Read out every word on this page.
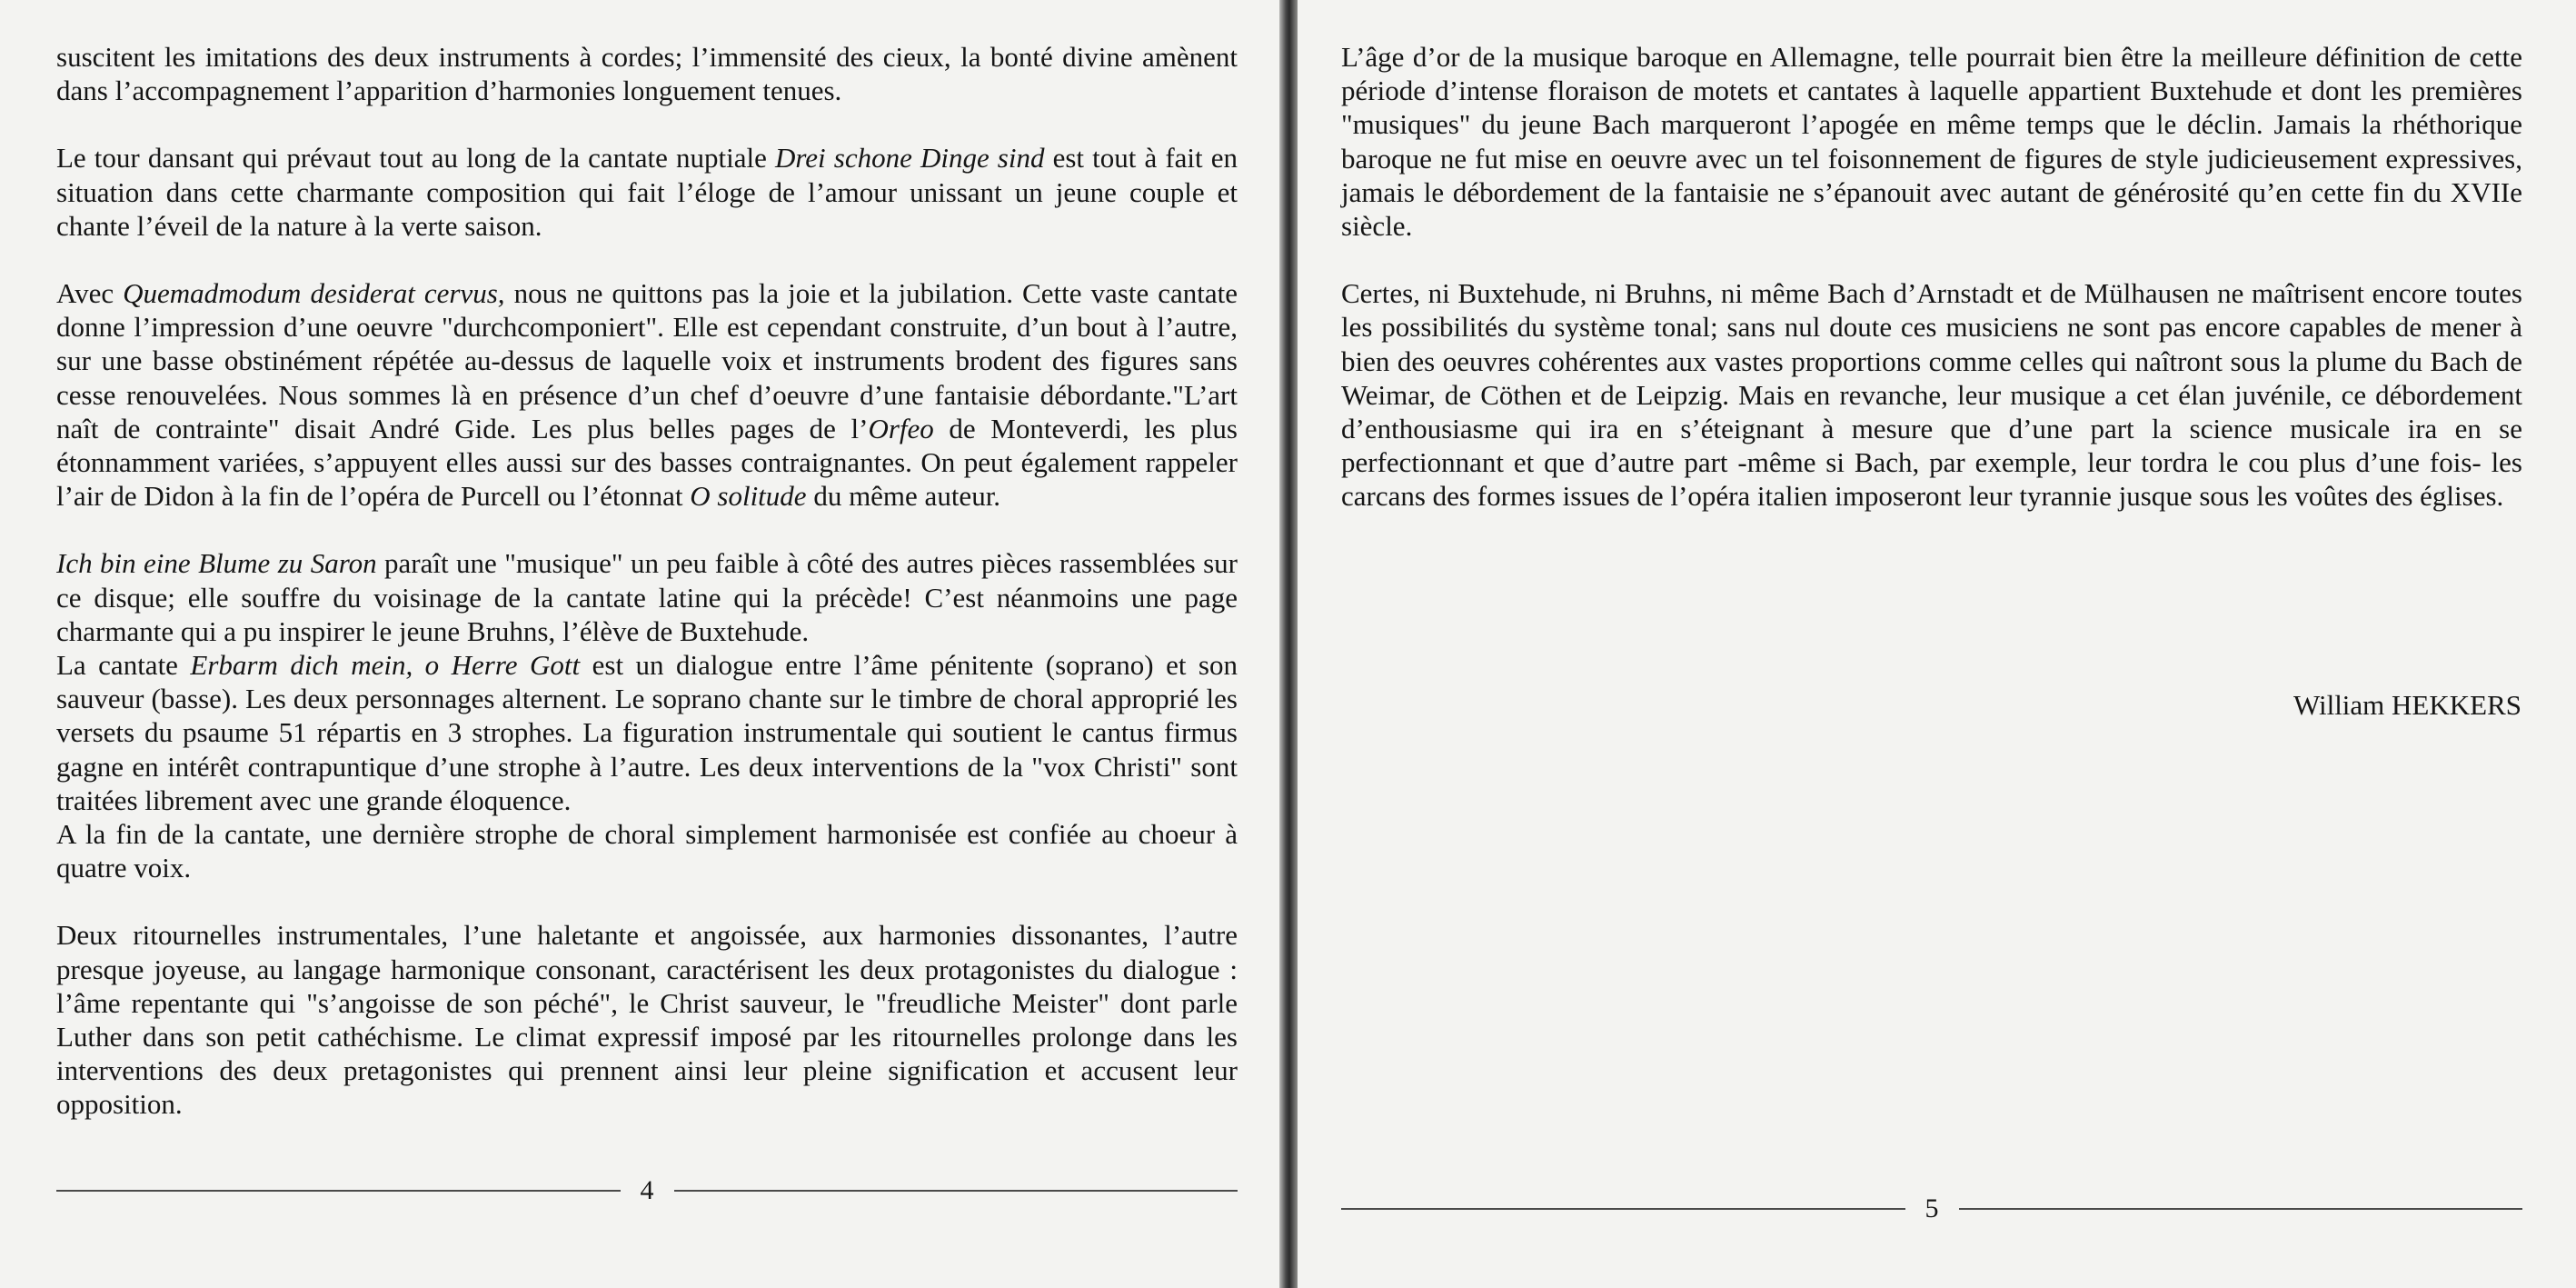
suscitent les imitations des deux instruments à cordes; l’immensité des cieux, la bonté divine amènent dans l’accompagnement l’apparition d’harmonies longuement tenues.

Le tour dansant qui prévaut tout au long de la cantate nuptiale Drei schone Dinge sind est tout à fait en situation dans cette charmante composition qui fait l’éloge de l’amour unissant un jeune couple et chante l’éveil de la nature à la verte saison.

Avec Quemadmodum desiderat cervus, nous ne quittons pas la joie et la jubilation. Cette vaste cantate donne l’impression d’une oeuvre "durchcomponiert". Elle est cependant construite, d’un bout à l’autre, sur une basse obstinément répétée au-dessus de laquelle voix et instruments brodent des figures sans cesse renouvelées. Nous sommes là en présence d’un chef d’oeuvre d’une fantaisie débordante."L’art naît de contrainte" disait André Gide. Les plus belles pages de l’Orfeo de Monteverdi, les plus étonnamment variées, s’appuyent elles aussi sur des basses contraignantes. On peut également rappeler l’air de Didon à la fin de l’opéra de Purcell ou l’étonnat O solitude du même auteur.

Ich bin eine Blume zu Saron paraît une "musique" un peu faible à côté des autres pièces rassemblées sur ce disque; elle souffre du voisinage de la cantate latine qui la précède! C’est néanmoins une page charmante qui a pu inspirer le jeune Bruhns, l’élève de Buxtehude.

La cantate Erbarm dich mein, o Herre Gott est un dialogue entre l’âme pénitente (soprano) et son sauveur (basse). Les deux personnages alternent. Le soprano chante sur le timbre de choral approprié les versets du psaume 51 répartis en 3 strophes. La figuration instrumentale qui soutient le cantus firmus gagne en intérêt contrapuntique d’une strophe à l’autre. Les deux interventions de la "vox Christi" sont traitées librement avec une grande éloquence.

A la fin de la cantate, une dernière strophe de choral simplement harmonisée est confiée au choeur à quatre voix.

Deux ritournelles instrumentales, l’une haletante et angoissée, aux harmonies dissonantes, l’autre presque joyeuse, au langage harmonique consonant, caractérisent les deux protagonistes du dialogue : l’âme repentante qui "s’angoisse de son péché", le Christ sauveur, le "freudliche Meister" dont parle Luther dans son petit cathéchisme. Le climat expressif imposé par les ritournelles prolonge dans les interventions des deux pretagonistes qui prennent ainsi leur pleine signification et accusent leur opposition.

4

L’âge d’or de la musique baroque en Allemagne, telle pourrait bien être la meilleure définition de cette période d’intense floraison de motets et cantates à laquelle appartient Buxtehude et dont les premières "musiques" du jeune Bach marqueront l’apogée en même temps que le déclin. Jamais la rhéthorique baroque ne fut mise en oeuvre avec un tel foisonnement de figures de style judicieusement expressives, jamais le débordement de la fantaisie ne s’épanouit avec autant de générosité qu’en cette fin du XVIIe siècle.

Certes, ni Buxtehude, ni Bruhns, ni même Bach d’Arnstadt et de Mülhausen ne maîtrisent encore toutes les possibilités du système tonal; sans nul doute ces musiciens ne sont pas encore capables de mener à bien des oeuvres cohérentes aux vastes proportions comme celles qui naîtront sous la plume du Bach de Weimar, de Cöthen et de Leipzig. Mais en revanche, leur musique a cet élan juvénile, ce débordement d’enthousiasme qui ira en s’éteignant à mesure que d’une part la science musicale ira en se perfectionnant et que d’autre part -même si Bach, par exemple, leur tordra le cou plus d’une fois- les carcans des formes issues de l’opéra italien imposeront leur tyrannie jusque sous les voûtes des églises.

William HEKKERS
5
